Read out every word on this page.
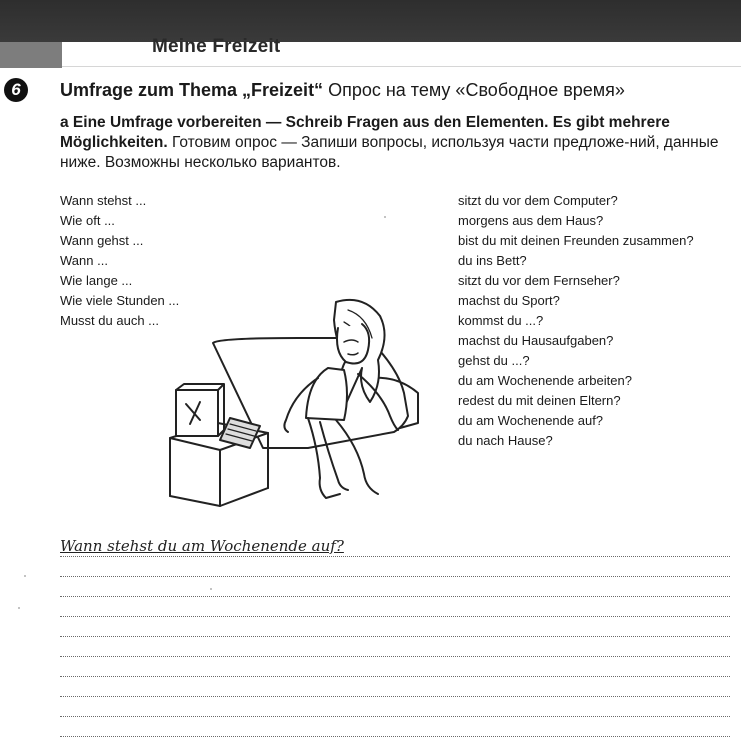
Meine Freizeit
6	Umfrage zum Thema „Freizeit“ Опрос на тему «Свободное время»
a Eine Umfrage vorbereiten — Schreib Fragen aus den Elementen. Es gibt mehrere Möglichkeiten. Готовим опрос — Запиши вопросы, используя части предложе-ний, данные ниже. Возможны несколько вариантов.
Wann stehst ...
Wie oft ...
Wann gehst ...
Wann ...
Wie lange ...
Wie viele Stunden ...
Musst du auch ...
sitzt du vor dem Computer?
morgens aus dem Haus?
bist du mit deinen Freunden zusammen?
du ins Bett?
sitzt du vor dem Fernseher?
machst du Sport?
kommst du ...?
machst du Hausaufgaben?
gehst du ...?
du am Wochenende arbeiten?
redest du mit deinen Eltern?
du am Wochenende auf?
du nach Hause?
Wann stehst du am Wochenende auf?
